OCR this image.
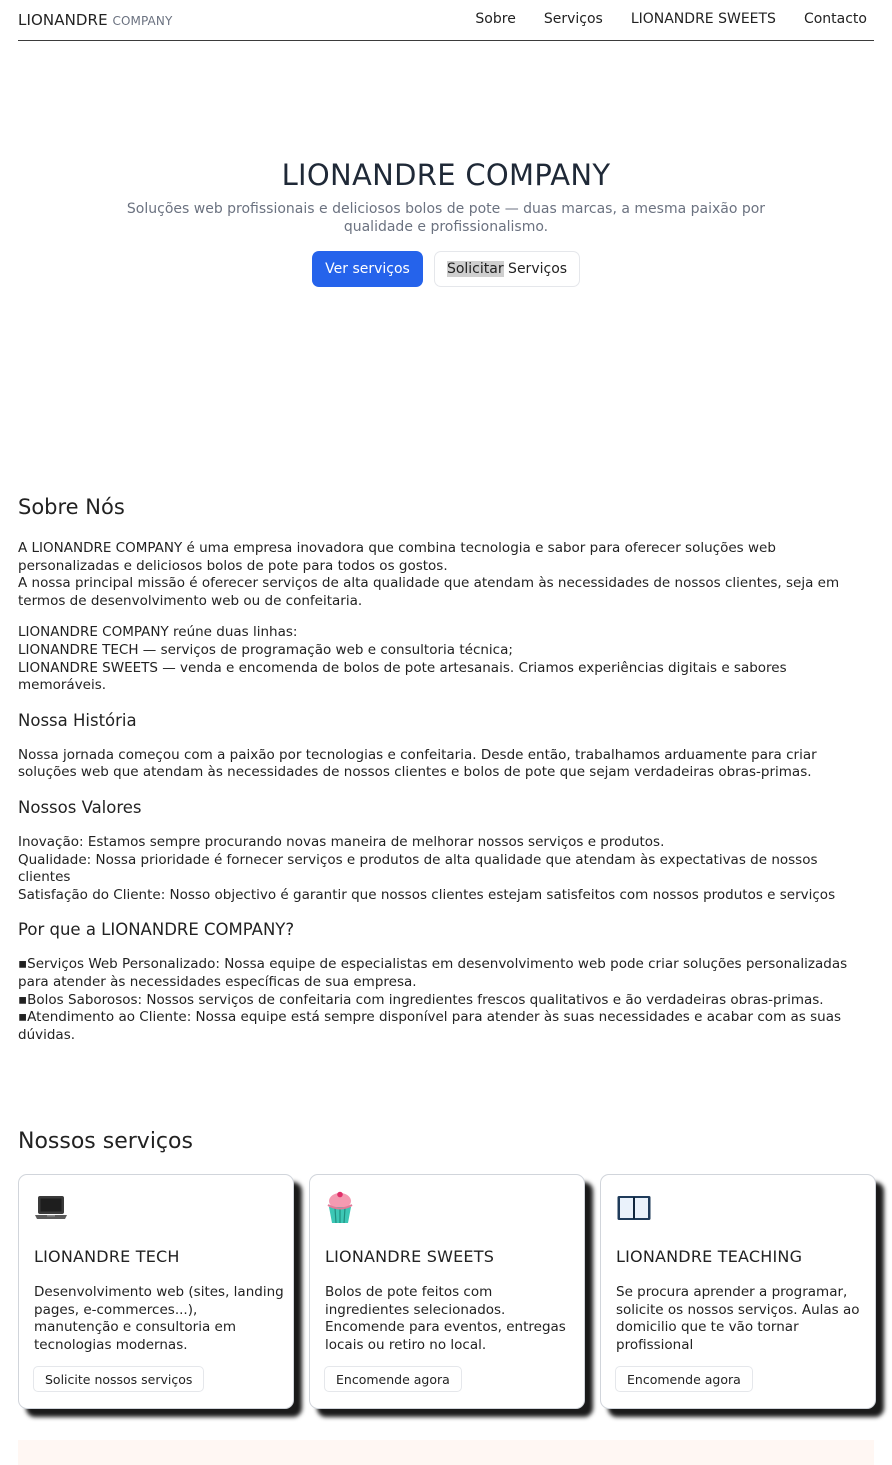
LIONANDRE COMPANY	Sobre Serviços LIONANDRE SWEETS Contacto
LIONANDRE COMPANY

Soluções web profissionais e deliciosos bolos de pote — duas marcas, a mesma paixão por qualidade e profissionalismo.

Ver serviços	Solicitar Serviços
Sobre Nós

A LIONANDRE COMPANY é uma empresa inovadora que combina tecnologia e sabor para oferecer soluções web personalizadas e deliciosos bolos de pote para todos os gostos.

A nossa principal missão é oferecer serviços de alta qualidade que atendam às necessidades de nossos clientes, seja em termos de desenvolvimento web ou de confeitaria.

LIONANDRE COMPANY reúne duas linhas:

LIONANDRE TECH — serviços de programação web e consultoria técnica;

LIONANDRE SWEETS — venda e encomenda de bolos de pote artesanais. Criamos experiências digitais e sabores memoráveis.

Nossa História

Nossa jornada começou com a paixão por tecnologias e confeitaria. Desde então, trabalhamos arduamente para criar soluções web que atendam às necessidades de nossos clientes e bolos de pote que sejam verdadeiras obras-primas.

Nossos Valores

Inovação: Estamos sempre procurando novas maneira de melhorar nossos serviços e produtos.

Qualidade: Nossa prioridade é fornecer serviços e produtos de alta qualidade que atendam às expectativas de nossos clientes

Satisfação do Cliente: Nosso objectivo é garantir que nossos clientes estejam satisfeitos com nossos produtos e serviços

Por que a LIONANDRE COMPANY?

▪Serviços Web Personalizado: Nossa equipe de especialistas em desenvolvimento web pode criar soluções personalizadas para atender às necessidades específicas de sua empresa.

▪Bolos Saborosos: Nossos serviços de confeitaria com ingredientes frescos qualitativos e ão verdadeiras obras-primas.

▪Atendimento ao Cliente: Nossa equipe está sempre disponível para atender às suas necessidades e acabar com as suas dúvidas.

Nossos serviços
LIONANDRE TECH

Desenvolvimento web (sites, landing pages, e-commerces...), manutenção e consultoria em tecnologias modernas.

Solicite nossos serviços
LIONANDRE SWEETS

Bolos de pote feitos com ingredientes selecionados. Encomende para eventos, entregas locais ou retiro no local.

Encomende agora
LIONANDRE TEACHING

Se procura aprender a programar, solicite os nossos serviços. Aulas ao domicilio que te vão tornar profissional

Encomende agora
